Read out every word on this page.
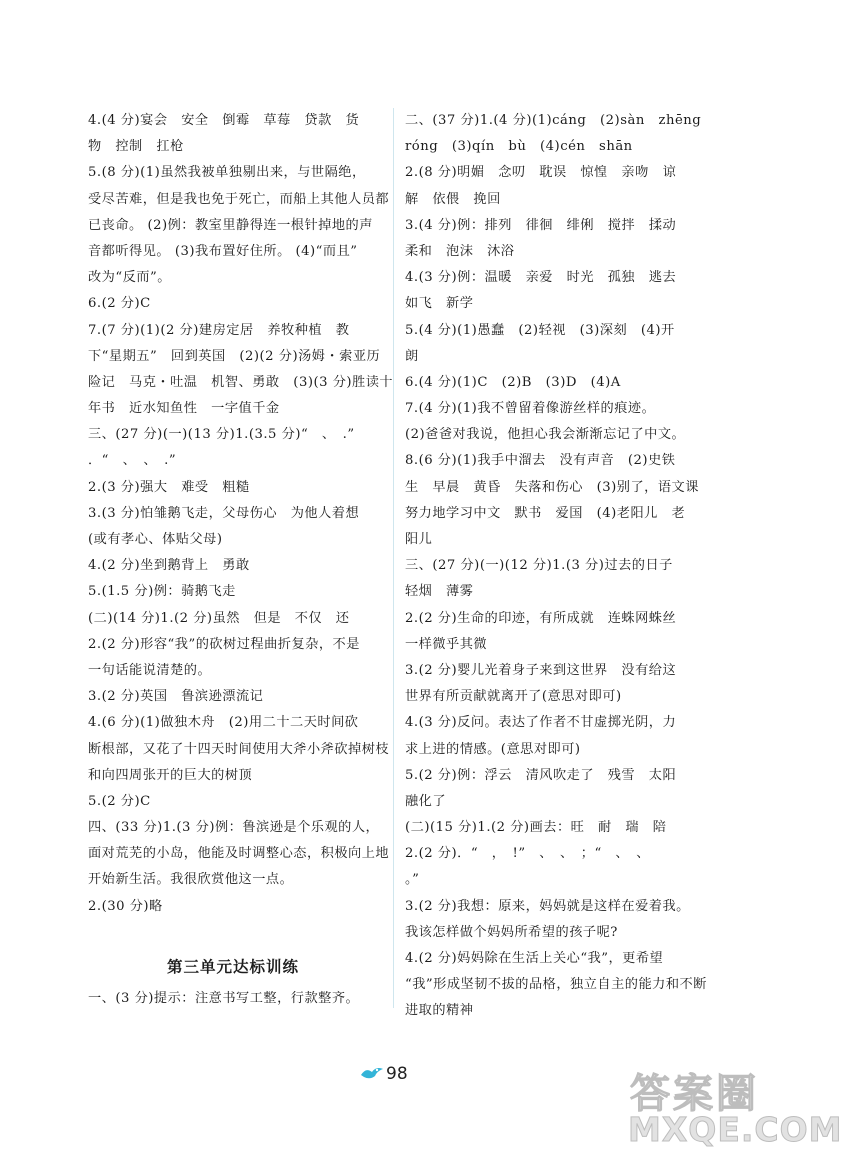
4.(4 分)宴会　安全　倒霉　草莓　贷款　货
物　控制　扛枪
5.(8 分)(1)虽然我被单独剔出来，与世隔绝，
受尽苦难，但是我也免于死亡，而船上其他人员都
已丧命。 (2)例：教室里静得连一根针掉地的声
音都听得见。 (3)我布置好住所。 (4)“而且”
改为“反而”。
6.(2 分)C
7.(7 分)(1)(2 分)建房定居　养牧种植　教
下“星期五”　回到英国　(2)(2 分)汤姆・索亚历
险记　马克・吐温　机智、勇敢　(3)(3 分)胜读十
年书　近水知鱼性　一字值千金
三、(27 分)(一)(13 分)1.(3.5 分)“　、　.”
．“　、　、　.”
2.(3 分)强大　难受　粗糙
3.(3 分)怕雏鹅飞走，父母伤心　为他人着想
(或有孝心、体贴父母)
4.(2 分)坐到鹅背上　勇敢
5.(1.5 分)例：骑鹅飞走
(二)(14 分)1.(2 分)虽然　但是　不仅　还
2.(2 分)形容“我”的砍树过程曲折复杂，不是
一句话能说清楚的。
3.(2 分)英国　鲁滨逊漂流记
4.(6 分)(1)做独木舟　(2)用二十二天时间砍
断根部，又花了十四天时间使用大斧小斧砍掉树枝
和向四周张开的巨大的树顶
5.(2 分)C
四、(33 分)1.(3 分)例：鲁滨逊是个乐观的人，
面对荒芜的小岛，他能及时调整心态，积极向上地
开始新生活。我很欣赏他这一点。
2.(30 分)略
第三单元达标训练
一、(3 分)提示：注意书写工整，行款整齐。
二、(37 分)1.(4 分)(1)cáng　(2)sàn　zhēng
róng　(3)qín　bù　(4)cén　shān
2.(8 分)明媚　念叨　耽误　惊惶　亲吻　谅
解　依偎　挽回
3.(4 分)例：排列　徘徊　绯俐　搅拌　揉动
柔和　泡沫　沐浴
4.(3 分)例：温暖　亲爱　时光　孤独　逃去
如飞　新学
5.(4 分)(1)愚蠢　(2)轻视　(3)深刻　(4)开
朗
6.(4 分)(1)C　(2)B　(3)D　(4)A
7.(4 分)(1)我不曾留着像游丝样的痕迹。
(2)爸爸对我说，他担心我会渐渐忘记了中文。
8.(6 分)(1)我手中溜去　没有声音　(2)史铁
生　早晨　黄昏　失落和伤心　(3)别了，语文课
努力地学习中文　默书　爱国　(4)老阳儿　老
阳儿
三、(27 分)(一)(12 分)1.(3 分)过去的日子
轻烟　薄雾
2.(2 分)生命的印迹，有所成就　连蛛网蛛丝
一样微乎其微
3.(2 分)婴儿光着身子来到这世界　没有给这
世界有所贡献就离开了(意思对即可)
4.(3 分)反问。表达了作者不甘虚掷光阴，力
求上进的情感。(意思对即可)
5.(2 分)例：浮云　清风吹走了　残雪　太阳
融化了
(二)(15 分)1.(2 分)画去：旺　耐　瑞　陪
2.(2 分)．“　，　!”　、　、　；“　、　、
。”
3.(2 分)我想：原来，妈妈就是这样在爱着我。
我该怎样做个妈妈所希望的孩子呢?
4.(2 分)妈妈除在生活上关心“我”，更希望
“我”形成坚韧不拔的品格，独立自主的能力和不断
进取的精神
98	答案圈
MXQE.COM
